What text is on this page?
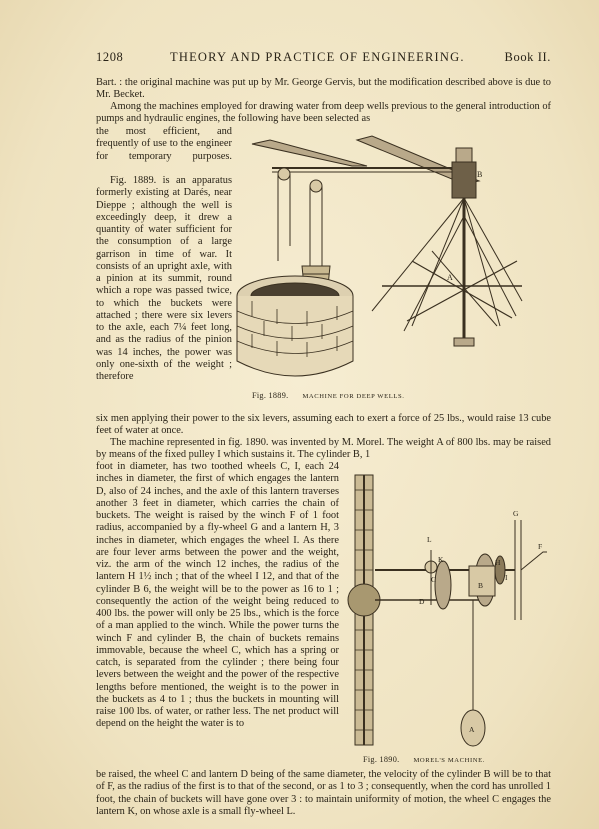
1208	THEORY AND PRACTICE OF ENGINEERING.	Book II.

Bart. : the original machine was put up by Mr. George Gervis, but the modification described above is due to Mr. Becket.

Among the machines employed for drawing water from deep wells previous to the general introduction of pumps and hydraulic engines, the following have been selected as

the most efficient, and frequently of use to the engineer for temporary purposes.

Fig. 1889. is an apparatus formerly existing at Darés, near Dieppe ; although the well is exceedingly deep, it drew a quantity of water sufficient for the consumption of a large garrison in time of war. It consists of an upright axle, with a pinion at its summit, round which a rope was passed twice, to which the buckets were attached ; there were six levers to the axle, each 7¼ feet long, and as the radius of the pinion was 14 inches, the power was only one-sixth of the weight ; therefore

six men applying their power to the six levers, assuming each to exert a force of 25 lbs., would raise 13 cube feet of water at once.

The machine represented in fig. 1890. was invented by M. Morel. The weight A of 800 lbs. may be raised by means of the fixed pulley I which sustains it. The cylinder B, 1

foot in diameter, has two toothed wheels C, I, each 24 inches in diameter, the first of which engages the lantern D, also of 24 inches, and the axle of this lantern traverses another 3 feet in diameter, which carries the chain of buckets. The weight is raised by the winch F of 1 foot radius, accompanied by a fly-wheel G and a lantern H, 3 inches in diameter, which engages the wheel I. As there are four lever arms between the power and the weight, viz. the arm of the winch 12 inches, the radius of the lantern H 1½ inch ; that of the wheel I 12, and that of the cylinder B 6, the weight will be to the power as 16 to 1 ; consequently the action of the weight being reduced to 400 lbs. the power will only be 25 lbs., which is the force of a man applied to the winch. While the power turns the winch F and cylinder B, the chain of buckets remains immovable, because the wheel C, which has a spring or catch, is separated from the cylinder ; there being four levers between the weight and the power of the respective lengths before mentioned, the weight is to the power in the buckets as 4 to 1 ; thus the buckets in mounting will raise 100 lbs. of water, or rather less. The net product will depend on the height the water is to

be raised, the wheel C and lantern D being of the same diameter, the velocity of the cylinder B will be to that of F, as the radius of the first is to that of the second, or as 1 to 3 ; consequently, when the cord has unrolled 1 foot, the chain of buckets will have gone over 3 : to maintain uniformity of motion, the wheel C engages the lantern K, on whose axle is a small fly-wheel L.

B
A
Fig. 1889. MACHINE FOR DEEP WELLS.
L
G
F
K	H
C	I
B
D
A
Fig. 1890. MOREL'S MACHINE.
